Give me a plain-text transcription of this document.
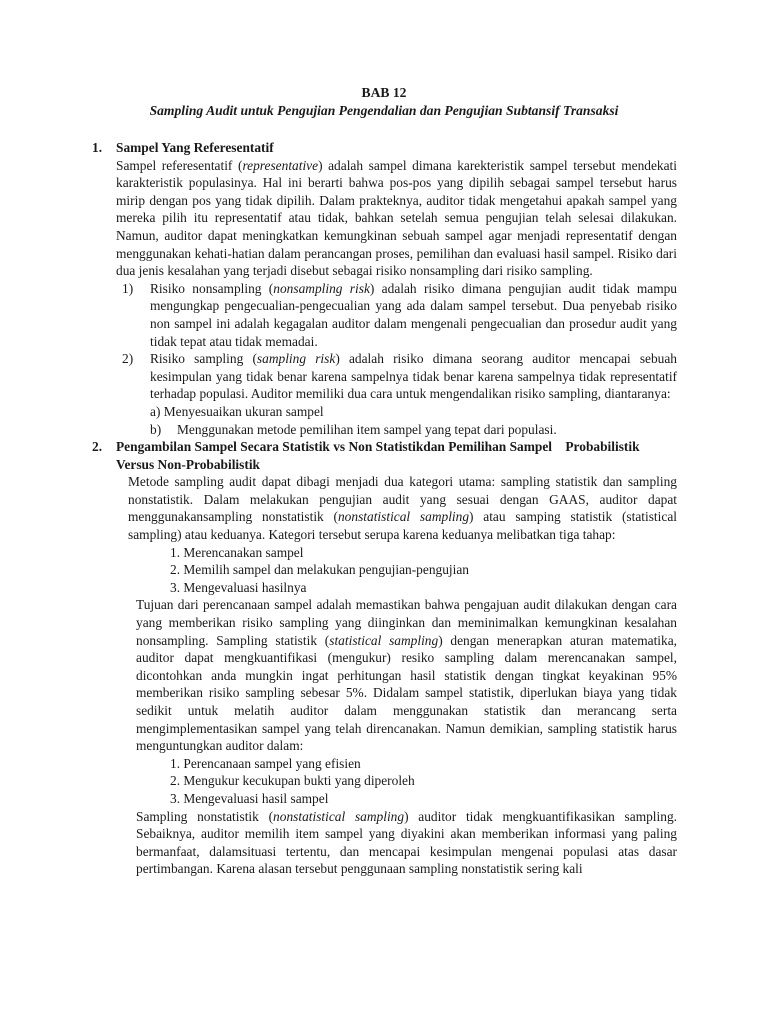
BAB 12
Sampling Audit untuk Pengujian Pengendalian dan Pengujian Subtansif Transaksi
1. Sampel Yang Referesentatif

Sampel referesentatif (representative) adalah sampel dimana karekteristik sampel tersebut mendekati karakteristik populasinya. Hal ini berarti bahwa pos-pos yang dipilih sebagai sampel tersebut harus mirip dengan pos yang tidak dipilih. Dalam prakteknya, auditor tidak mengetahui apakah sampel yang mereka pilih itu representatif atau tidak, bahkan setelah semua pengujian telah selesai dilakukan. Namun, auditor dapat meningkatkan kemungkinan sebuah sampel agar menjadi representatif dengan menggunakan kehati-hatian dalam perancangan proses, pemilihan dan evaluasi hasil sampel. Risiko dari dua jenis kesalahan yang terjadi disebut sebagai risiko nonsampling dari risiko sampling.

1) Risiko nonsampling (nonsampling risk) adalah risiko dimana pengujian audit tidak mampu mengungkap pengecualian-pengecualian yang ada dalam sampel tersebut. Dua penyebab risiko non sampel ini adalah kegagalan auditor dalam mengenali pengecualian dan prosedur audit yang tidak tepat atau tidak memadai.

2) Risiko sampling (sampling risk) adalah risiko dimana seorang auditor mencapai sebuah kesimpulan yang tidak benar karena sampelnya tidak benar karena sampelnya tidak representatif terhadap populasi. Auditor memiliki dua cara untuk mengendalikan risiko sampling, diantaranya:

a) Menyesuaikan ukuran sampel
b) Menggunakan metode pemilihan item sampel yang tepat dari populasi.
2. Pengambilan Sampel Secara Statistik vs Non Statistikdan Pemilihan Sampel    Probabilistik
Versus Non-Probabilistik

Metode sampling audit dapat dibagi menjadi dua kategori utama: sampling statistik dan sampling nonstatistik. Dalam melakukan pengujian audit yang sesuai dengan GAAS, auditor dapat menggunakansampling nonstatistik (nonstatistical sampling) atau samping statistik (statistical sampling) atau keduanya. Kategori tersebut serupa karena keduanya melibatkan tiga tahap:

1. Merencanakan sampel
2. Memilih sampel dan melakukan pengujian-pengujian
3. Mengevaluasi hasilnya

Tujuan dari perencanaan sampel adalah memastikan bahwa pengajuan audit dilakukan dengan cara yang memberikan risiko sampling yang diinginkan dan meminimalkan kemungkinan kesalahan nonsampling. Sampling statistik (statistical sampling) dengan menerapkan aturan matematika, auditor dapat mengkuantifikasi (mengukur) resiko sampling dalam merencanakan sampel, dicontohkan anda mungkin ingat perhitungan hasil statistik dengan tingkat keyakinan 95% memberikan risiko sampling sebesar 5%. Didalam sampel statistik, diperlukan biaya yang tidak sedikit untuk melatih auditor dalam menggunakan statistik dan merancang serta mengimplementasikan sampel yang telah direncanakan. Namun demikian, sampling statistik harus menguntungkan auditor dalam:

1. Perencanaan sampel yang efisien
2. Mengukur kecukupan bukti yang diperoleh
3. Mengevaluasi hasil sampel

Sampling nonstatistik (nonstatistical sampling) auditor tidak mengkuantifikasikan sampling. Sebaiknya, auditor memilih item sampel yang diyakini akan memberikan informasi yang paling bermanfaat, dalamsituasi tertentu, dan mencapai kesimpulan mengenai populasi atas dasar pertimbangan. Karena alasan tersebut penggunaan sampling nonstatistik sering kali
